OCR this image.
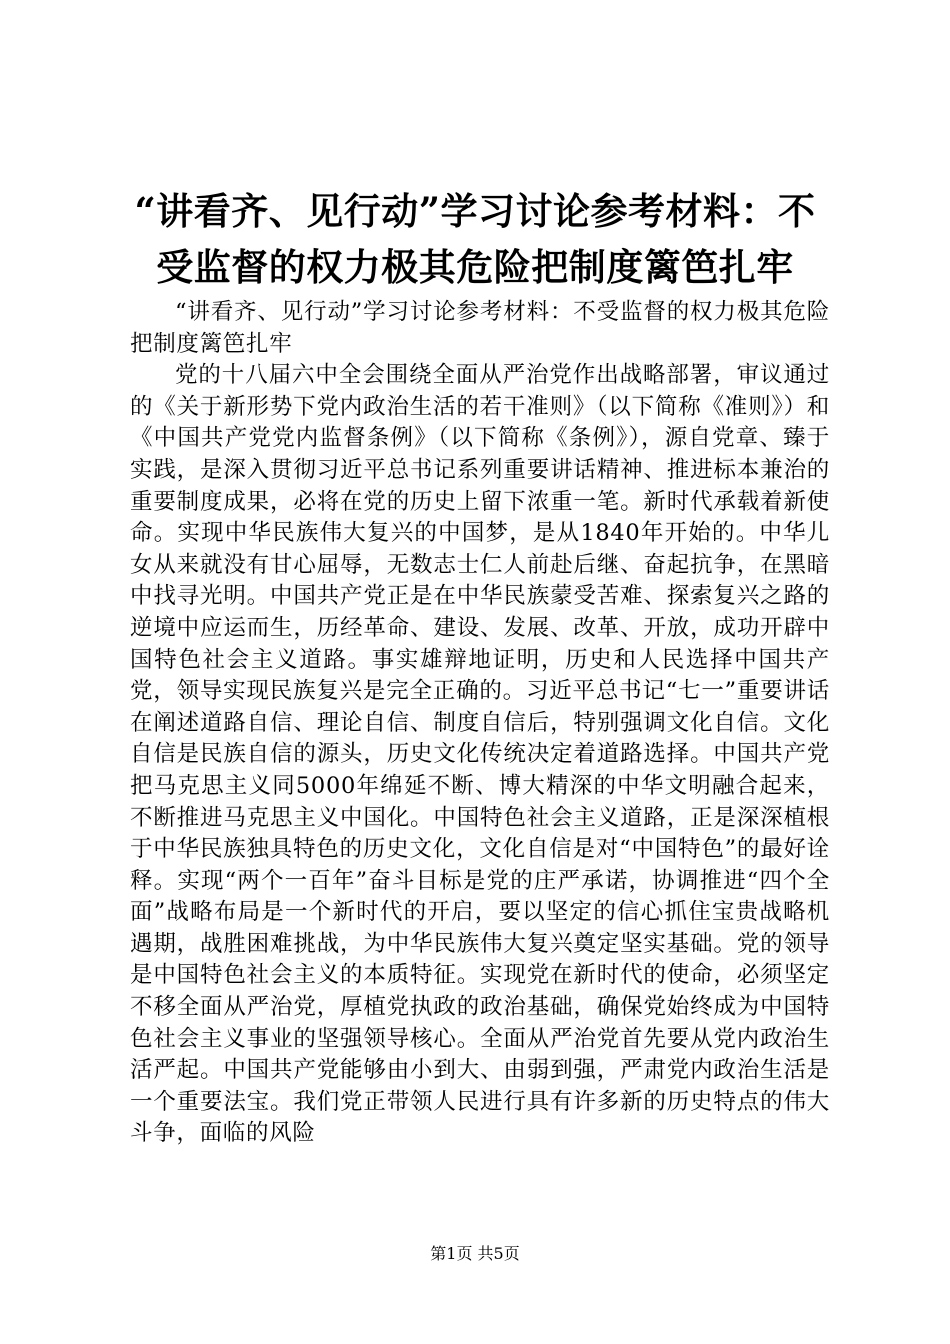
“讲看齐、见行动”学习讨论参考材料：不受监督的权力极其危险把制度篱笆扎牢

“讲看齐、见行动”学习讨论参考材料：不受监督的权力极其危险把制度篱笆扎牢

党的十八届六中全会围绕全面从严治党作出战略部署，审议通过的《关于新形势下党内政治生活的若干准则》（以下简称《准则》）和《中国共产党党内监督条例》（以下简称《条例》），源自党章、臻于实践，是深入贯彻习近平总书记系列重要讲话精神、推进标本兼治的重要制度成果，必将在党的历史上留下浓重一笔。新时代承载着新使命。实现中华民族伟大复兴的中国梦，是从1840年开始的。中华儿女从来就没有甘心屈辱，无数志士仁人前赴后继、奋起抗争，在黑暗中找寻光明。中国共产党正是在中华民族蒙受苦难、探索复兴之路的逆境中应运而生，历经革命、建设、发展、改革、开放，成功开辟中国特色社会主义道路。事实雄辩地证明，历史和人民选择中国共产党，领导实现民族复兴是完全正确的。习近平总书记“七一”重要讲话在阐述道路自信、理论自信、制度自信后，特别强调文化自信。文化自信是民族自信的源头，历史文化传统决定着道路选择。中国共产党把马克思主义同5000年绵延不断、博大精深的中华文明融合起来，不断推进马克思主义中国化。中国特色社会主义道路，正是深深植根于中华民族独具特色的历史文化，文化自信是对“中国特色”的最好诠释。实现“两个一百年”奋斗目标是党的庄严承诺，协调推进“四个全面”战略布局是一个新时代的开启，要以坚定的信心抓住宝贵战略机遇期，战胜困难挑战，为中华民族伟大复兴奠定坚实基础。党的领导是中国特色社会主义的本质特征。实现党在新时代的使命，必须坚定不移全面从严治党，厚植党执政的政治基础，确保党始终成为中国特色社会主义事业的坚强领导核心。全面从严治党首先要从党内政治生活严起。中国共产党能够由小到大、由弱到强，严肃党内政治生活是一个重要法宝。我们党正带领人民进行具有许多新的历史特点的伟大斗争，面临的风险

第1页 共5页
